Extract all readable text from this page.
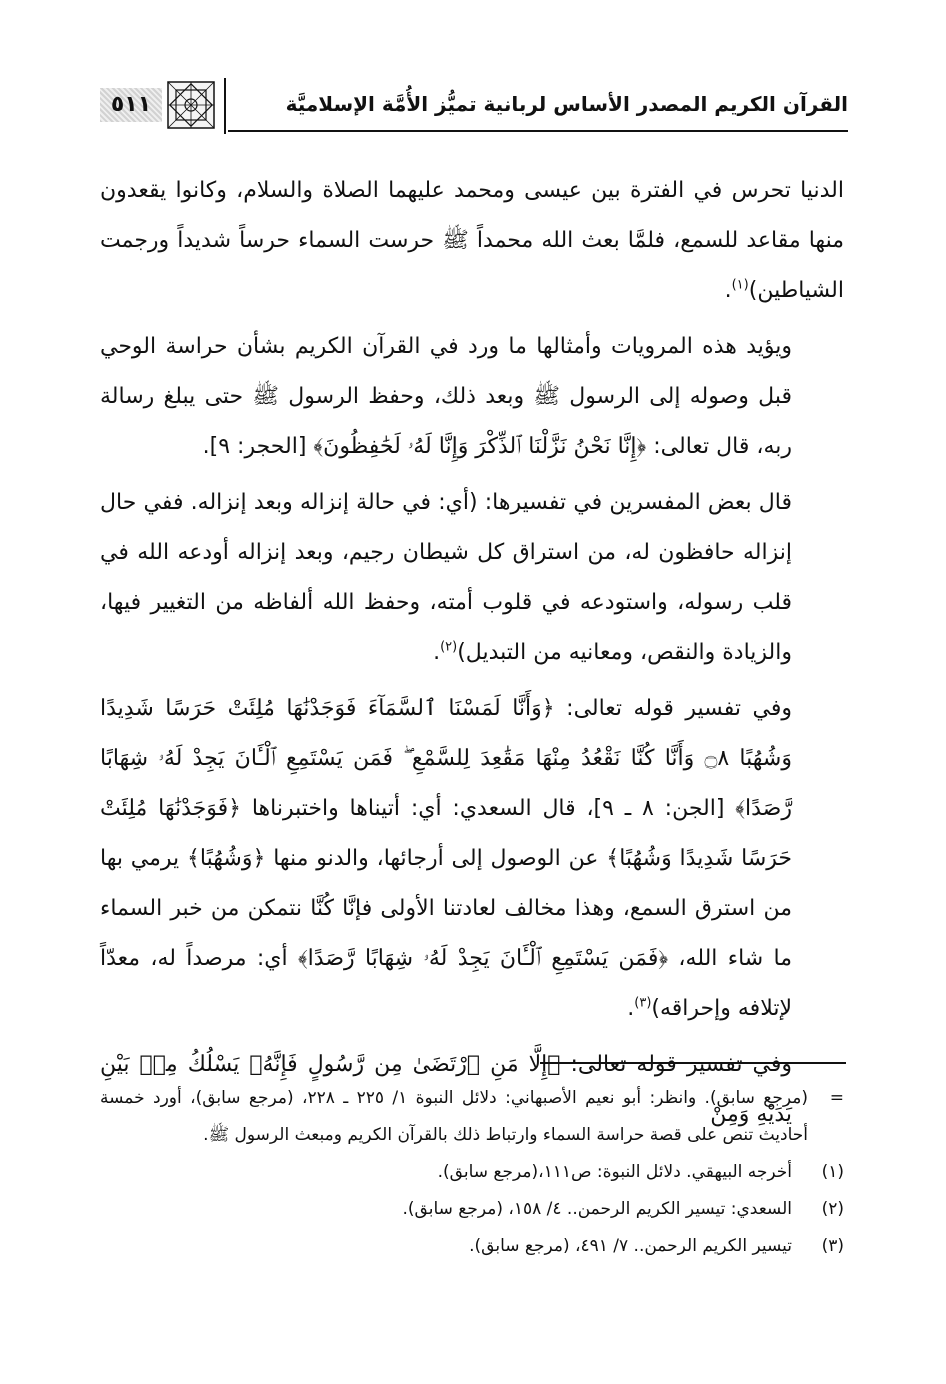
٥١١	القرآن الكريم المصدر الأساس لربانية تميُّز الأُمَّة الإسلاميَّة

الدنيا تحرس في الفترة بين عيسى ومحمد عليهما الصلاة والسلام، وكانوا يقعدون منها مقاعد للسمع، فلمَّا بعث الله محمداً ﷺ حرست السماء حرساً شديداً ورجمت الشياطين)$^{(١)}$.

ويؤيد هذه المرويات وأمثالها ما ورد في القرآن الكريم بشأن حراسة الوحي قبل وصوله إلى الرسول ﷺ وبعد ذلك، وحفظ الرسول ﷺ حتى يبلغ رسالة ربه، قال تعالى: ﴿إِنَّا نَحْنُ نَزَّلْنَا ٱلذِّكْرَ وَإِنَّا لَهُۥ لَحَٰفِظُونَ﴾ [الحجر: ٩].

قال بعض المفسرين في تفسيرها: (أي: في حالة إنزاله وبعد إنزاله. ففي حال إنزاله حافظون له، من استراق كل شيطان رجيم، وبعد إنزاله أودعه الله في قلب رسوله، واستودعه في قلوب أمته، وحفظ الله ألفاظه من التغيير فيها، والزيادة والنقص، ومعانيه من التبديل)$^{(٢)}$.

وفي تفسير قوله تعالى: ﴿وَأَنَّا لَمَسْنَا ٱلسَّمَآءَ فَوَجَدْنَٰهَا مُلِئَتْ حَرَسًا شَدِيدًا وَشُهُبًا ۝٨ وَأَنَّا كُنَّا نَقْعُدُ مِنْهَا مَقَٰعِدَ لِلسَّمْعِ ۖ فَمَن يَسْتَمِعِ ٱلْـَٔانَ يَجِدْ لَهُۥ شِهَابًا رَّصَدًا﴾ [الجن: ٨ ـ ٩]، قال السعدي: أي: أتيناها واختبرناها ﴿فَوَجَدْنَٰهَا مُلِئَتْ حَرَسًا شَدِيدًا وَشُهُبًا﴾ عن الوصول إلى أرجائها، والدنو منها ﴿وَشُهُبًا﴾ يرمي بها من استرق السمع، وهذا مخالف لعادتنا الأولى فإنَّا كُنَّا نتمكن من خبر السماء ما شاء الله، ﴿فَمَن يَسْتَمِعِ ٱلْـَٔانَ يَجِدْ لَهُۥ شِهَابًا رَّصَدًا﴾ أي: مرصداً له، معدّاً لإتلافه وإحراقه)$^{(٣)}$.

وفي تفسير قوله تعالى: ﴿إِلَّا مَنِ ٱرْتَضَىٰ مِن رَّسُولٍ فَإِنَّهُۥ يَسْلُكُ مِنۢ بَيْنِ يَدَيْهِ وَمِنْ

=
(مرجع سابق). وانظر: أبو نعيم الأصبهاني: دلائل النبوة ١/ ٢٢٥ ـ ٢٢٨، (مرجع سابق)، أورد خمسة أحاديث تنص على قصة حراسة السماء وارتباط ذلك بالقرآن الكريم ومبعث الرسول ﷺ.
(١)
أخرجه البيهقي. دلائل النبوة: ص١١١،(مرجع سابق).
(٢)
السعدي: تيسير الكريم الرحمن.. ٤/ ١٥٨، (مرجع سابق).
(٣)
تيسير الكريم الرحمن.. ٧/ ٤٩١، (مرجع سابق).
